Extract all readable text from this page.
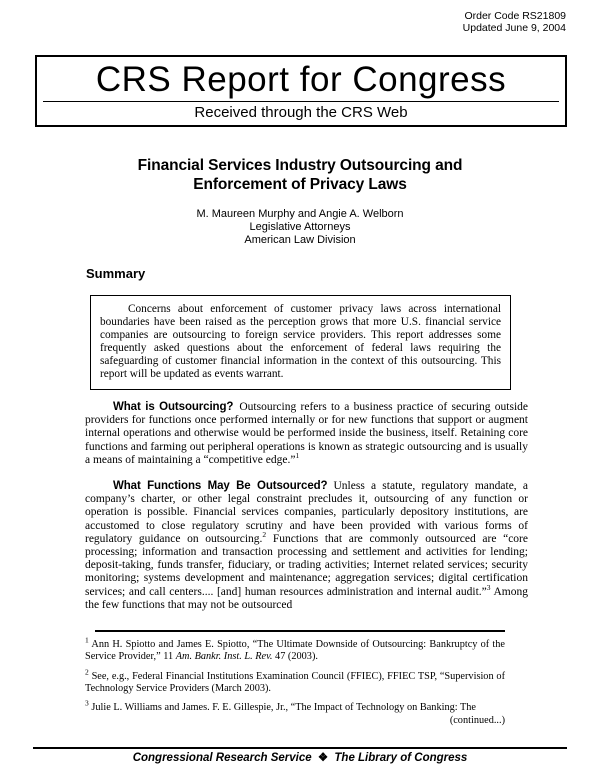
Order Code RS21809
Updated June 9, 2004
CRS Report for Congress
Received through the CRS Web
Financial Services Industry Outsourcing and
Enforcement of Privacy Laws
M. Maureen Murphy and Angie A. Welborn
Legislative Attorneys
American Law Division
Summary
Concerns about enforcement of customer privacy laws across international boundaries have been raised as the perception grows that more U.S. financial service companies are outsourcing to foreign service providers. This report addresses some frequently asked questions about the enforcement of federal laws requiring the safeguarding of customer financial information in the context of this outsourcing. This report will be updated as events warrant.
What is Outsourcing? Outsourcing refers to a business practice of securing outside providers for functions once performed internally or for new functions that support or augment internal operations and otherwise would be performed inside the business, itself. Retaining core functions and farming out peripheral operations is known as strategic outsourcing and is usually a means of maintaining a “competitive edge.”$^1$
What Functions May Be Outsourced? Unless a statute, regulatory mandate, a company’s charter, or other legal constraint precludes it, outsourcing of any function or operation is possible. Financial services companies, particularly depository institutions, are accustomed to close regulatory scrutiny and have been provided with various forms of regulatory guidance on outsourcing.$^2$ Functions that are commonly outsourced are “core processing; information and transaction processing and settlement and activities for lending; deposit-taking, funds transfer, fiduciary, or trading activities; Internet related services; security monitoring; systems development and maintenance; aggregation services; digital certification services; and call centers.... [and] human resources administration and internal audit.”$^3$ Among the few functions that may not be outsourced
$^1$ Ann H. Spiotto and James E. Spiotto, “The Ultimate Downside of Outsourcing: Bankruptcy of the Service Provider,” 11 Am. Bankr. Inst. L. Rev. 47 (2003).
$^2$ See, e.g., Federal Financial Institutions Examination Council (FFIEC), FFIEC TSP, “Supervision of Technology Service Providers (March 2003).
$^3$ Julie L. Williams and James. F. E. Gillespie, Jr., “The Impact of Technology on Banking: The
(continued...)
Congressional Research Service ❖ The Library of Congress
